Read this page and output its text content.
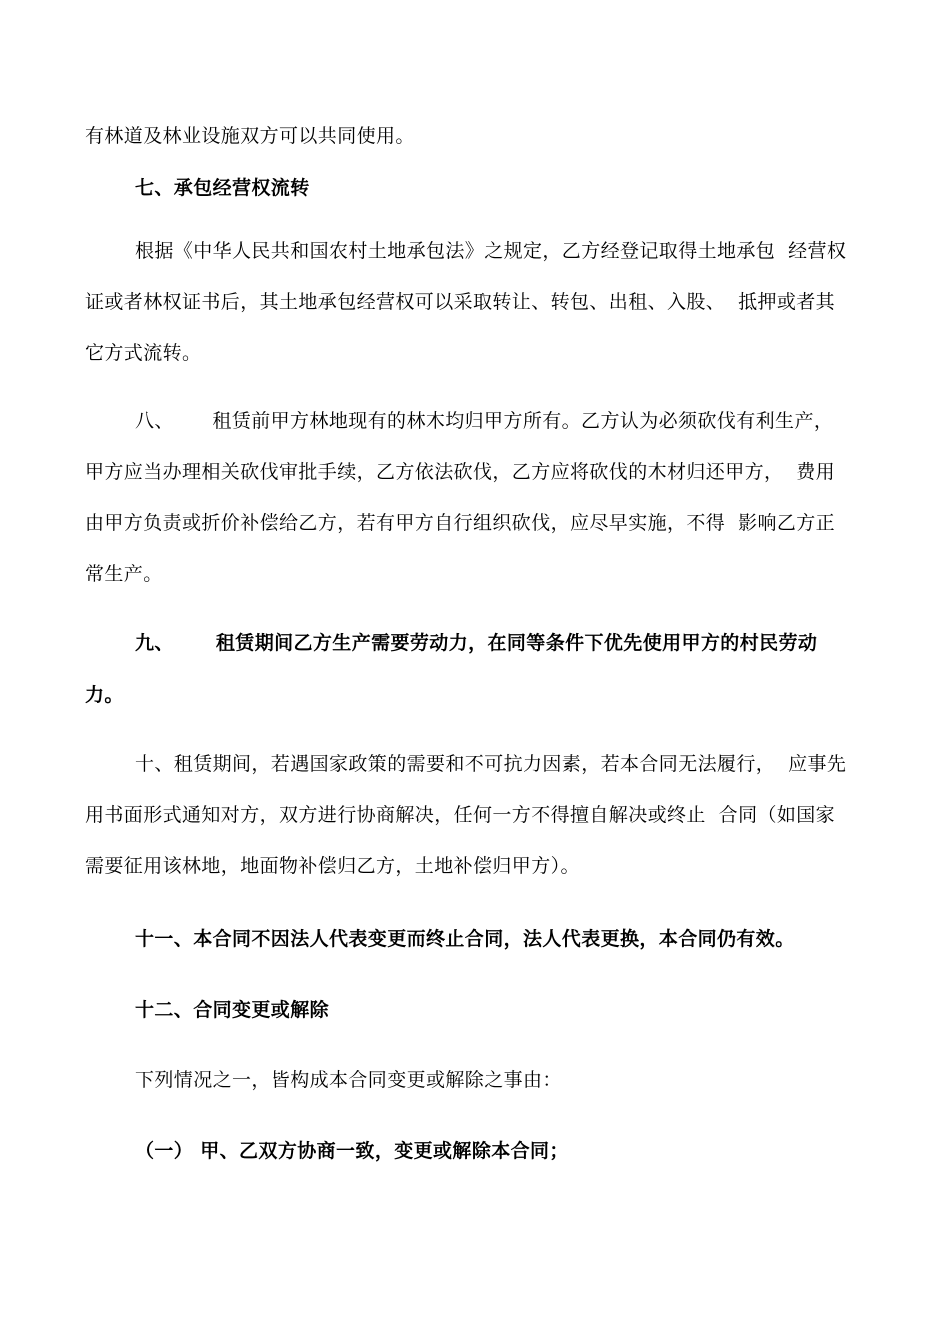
有林道及林业设施双方可以共同使用。
七、承包经营权流转
根据《中华人民共和国农村土地承包法》之规定，乙方经登记取得土地承包  经营权
证或者林权证书后，其土地承包经营权可以采取转让、转包、出租、入股、  抵押或者其
它方式流转。
八、      租赁前甲方林地现有的林木均归甲方所有。乙方认为必须砍伐有利生产，
甲方应当办理相关砍伐审批手续，乙方依法砍伐，乙方应将砍伐的木材归还甲方，  费用
由甲方负责或折价补偿给乙方，若有甲方自行组织砍伐，应尽早实施，不得  影响乙方正
常生产。
九、      租赁期间乙方生产需要劳动力，在同等条件下优先使用甲方的村民劳动
力。
十、租赁期间，若遇国家政策的需要和不可抗力因素，若本合同无法履行，  应事先
用书面形式通知对方，双方进行协商解决，任何一方不得擅自解决或终止  合同（如国家
需要征用该林地，地面物补偿归乙方，土地补偿归甲方）。
十一、本合同不因法人代表变更而终止合同，法人代表更换，本合同仍有效。
十二、合同变更或解除
下列情况之一，皆构成本合同变更或解除之事由：
（一） 甲、乙双方协商一致，变更或解除本合同；
